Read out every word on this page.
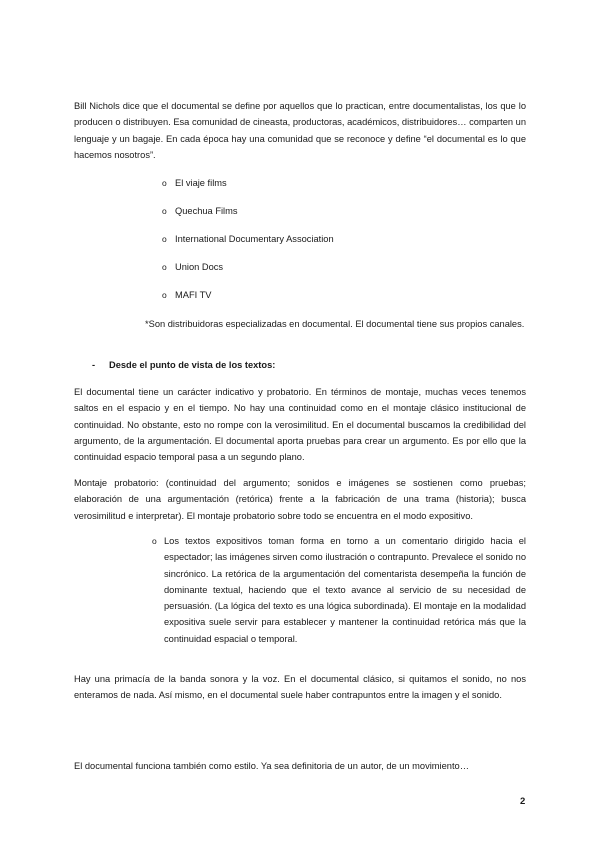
Bill Nichols dice que el documental se define por aquellos que lo practican, entre documentalistas, los que lo producen o distribuyen. Esa comunidad de cineasta, productoras, académicos, distribuidores… comparten un lenguaje y un bagaje. En cada época hay una comunidad que se reconoce y define “el documental es lo que hacemos nosotros”.

o El viaje films
o Quechua Films
o International Documentary Association
o Union Docs
o MAFI TV

*Son distribuidoras especializadas en documental. El documental tiene sus propios canales.

- Desde el punto de vista de los textos:

El documental tiene un carácter indicativo y probatorio. En términos de montaje, muchas veces tenemos saltos en el espacio y en el tiempo. No hay una continuidad como en el montaje clásico institucional de continuidad. No obstante, esto no rompe con la verosimilitud. En el documental buscamos la credibilidad del argumento, de la argumentación. El documental aporta pruebas para crear un argumento. Es por ello que la continuidad espacio temporal pasa a un segundo plano.

Montaje probatorio: (continuidad del argumento; sonidos e imágenes se sostienen como pruebas; elaboración de una argumentación (retórica) frente a la fabricación de una trama (historia); busca verosimilitud e interpretar). El montaje probatorio sobre todo se encuentra en el modo expositivo.

o Los textos expositivos toman forma en torno a un comentario dirigido hacia el espectador; las imágenes sirven como ilustración o contrapunto. Prevalece el sonido no sincrónico. La retórica de la argumentación del comentarista desempeña la función de dominante textual, haciendo que el texto avance al servicio de su necesidad de persuasión. (La lógica del texto es una lógica subordinada). El montaje en la modalidad expositiva suele servir para establecer y mantener la continuidad retórica más que la continuidad espacial o temporal.

Hay una primacía de la banda sonora y la voz. En el documental clásico, si quitamos el sonido, no nos enteramos de nada. Así mismo, en el documental suele haber contrapuntos entre la imagen y el sonido.

El documental funciona también como estilo. Ya sea definitoria de un autor, de un movimiento…

2
